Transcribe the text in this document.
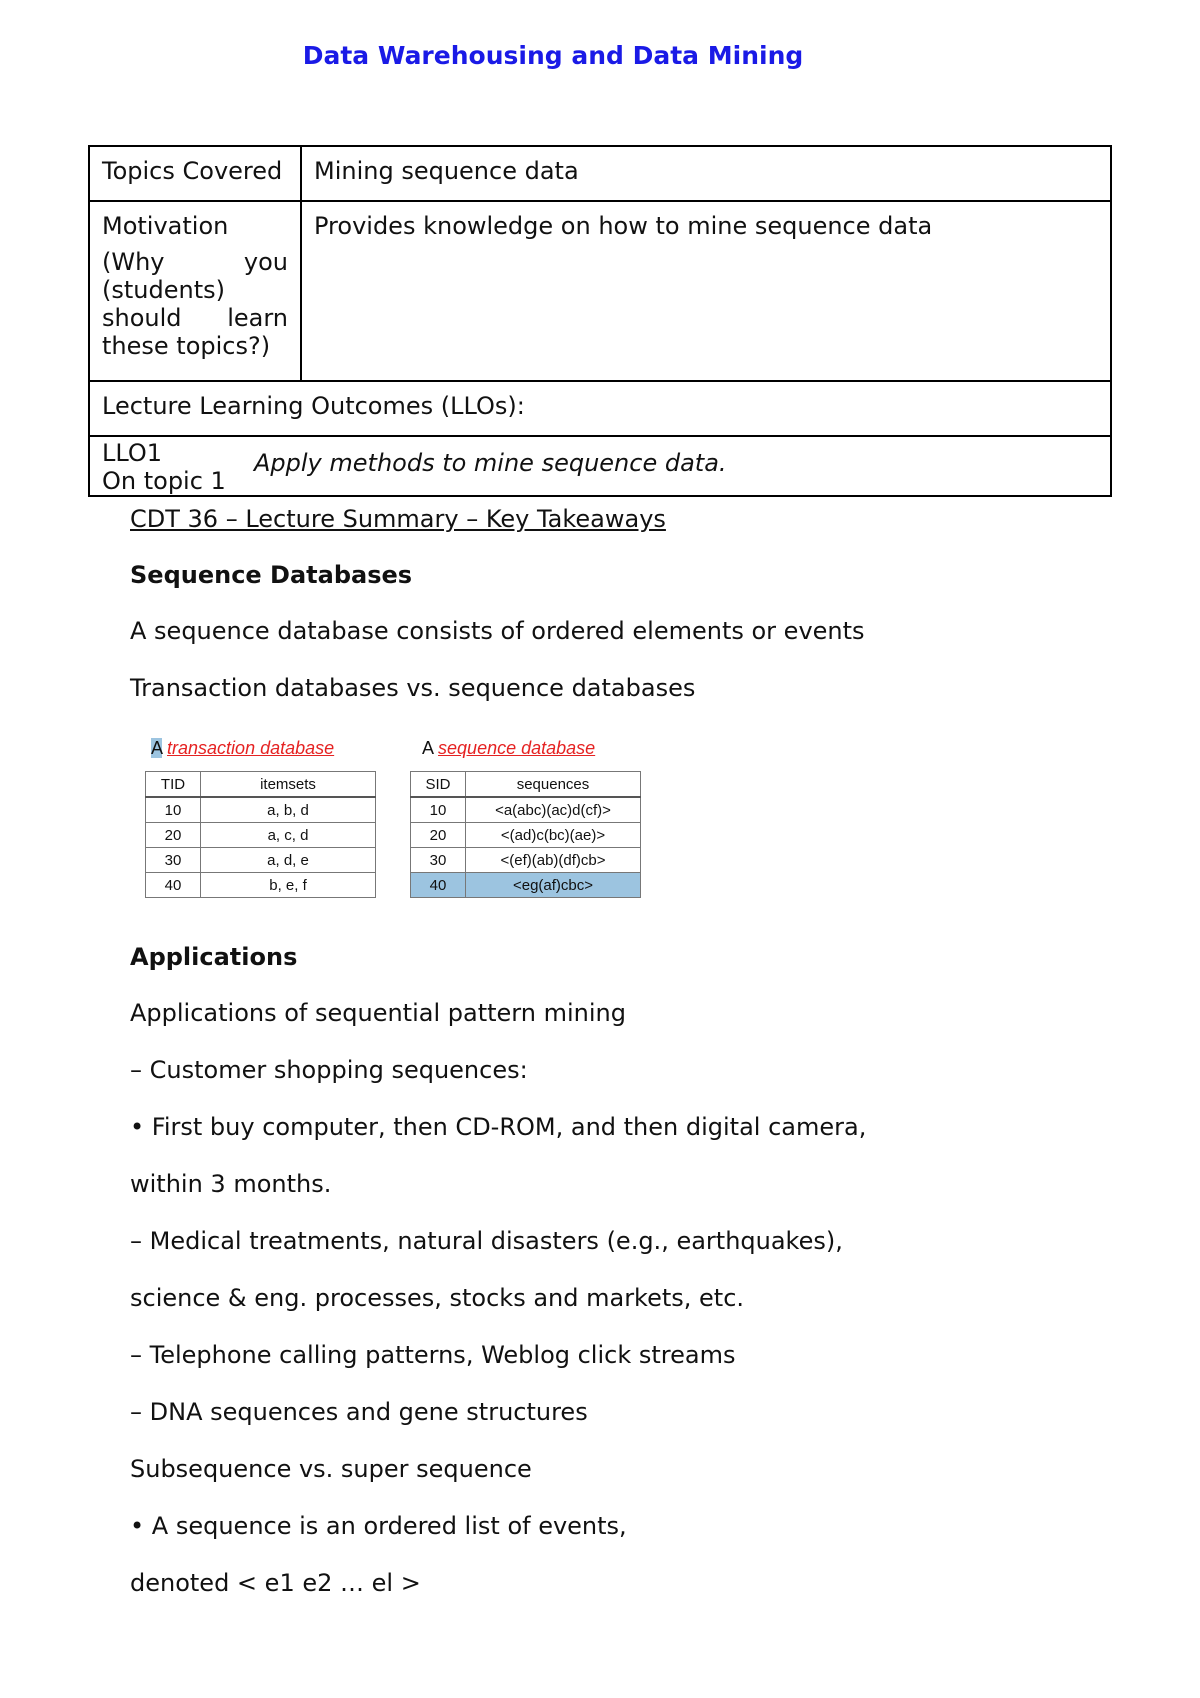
Data Warehousing and Data Mining
Topics Covered	Mining sequence data

Motivation
(Why you (students) should learn these topics?)
	Provides knowledge on how to mine sequence data
Lecture Learning Outcomes (LLOs):

LLO1
On topic 1
	Apply methods to mine sequence data.
CDT 36 – Lecture Summary – Key Takeaways
Sequence Databases
A sequence database consists of ordered elements or events
Transaction databases vs. sequence databases
A transaction database
TID	itemsets
10	a, b, d
20	a, c, d
30	a, d, e
40	b, e, f
A sequence database
SID	sequences
10	<a(abc)(ac)d(cf)>
20	<(ad)c(bc)(ae)>
30	<(ef)(ab)(df)cb>
40	<eg(af)cbc>
Applications
Applications of sequential pattern mining
– Customer shopping sequences:
• First buy computer, then CD-ROM, and then digital camera,
within 3 months.
– Medical treatments, natural disasters (e.g., earthquakes),
science & eng. processes, stocks and markets, etc.
– Telephone calling patterns, Weblog click streams
– DNA sequences and gene structures
Subsequence vs. super sequence
• A sequence is an ordered list of events,
denoted < e1 e2 … el >
